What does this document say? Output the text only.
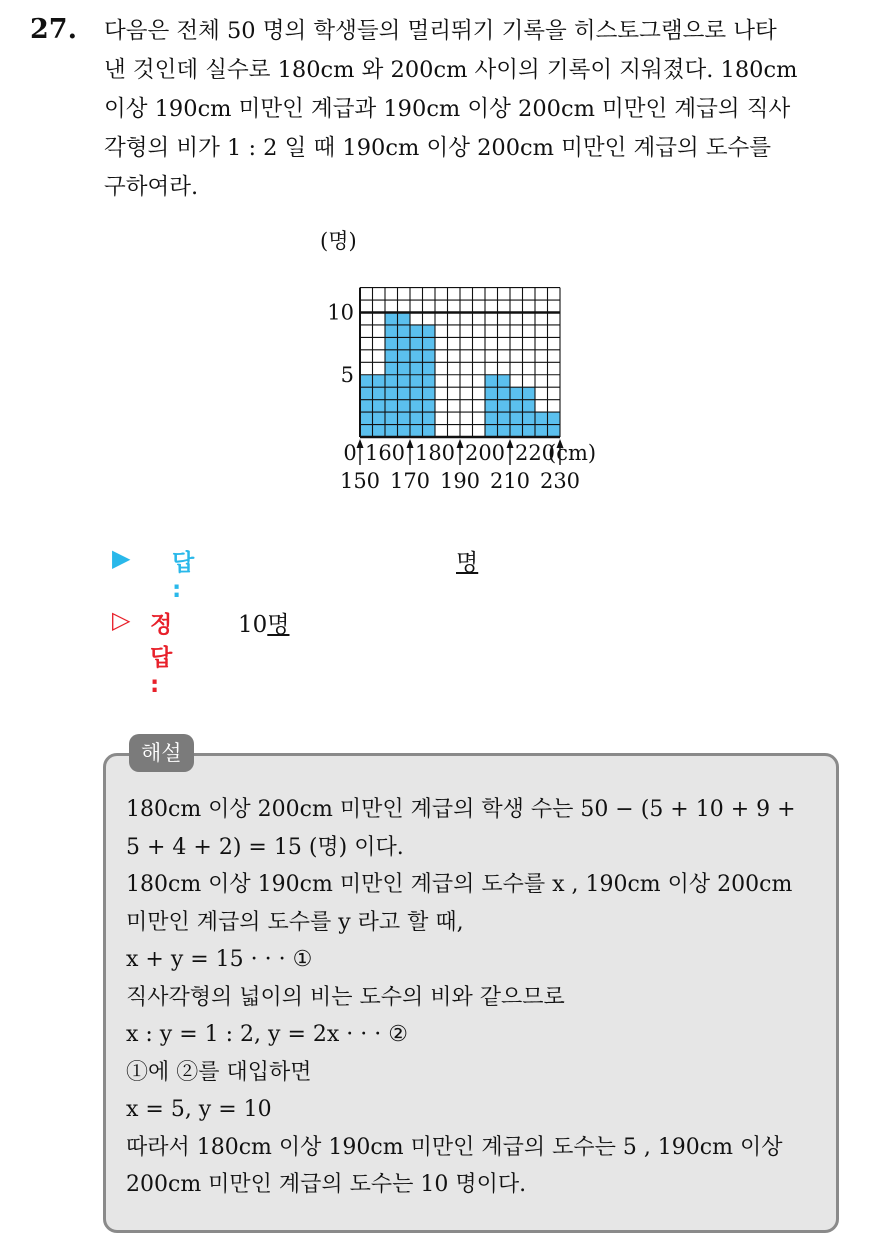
27. 다음은 전체 50 명의 학생들의 멀리뛰기 기록을 히스토그램으로 나타
낸 것인데 실수로 180cm 와 200cm 사이의 기록이 지워졌다. 180cm
이상 190cm 미만인 계급과 190cm 이상 200cm 미만인 계급의 직사
각형의 비가 1 : 2 일 때 190cm 이상 200cm 미만인 계급의 도수를
구하여라.
(명)
5
10
0 160 180 200 220
(cm)
150 170 190 210 230
▶ 답 :
명
▷ 정답 :
10명
해설
180cm 이상 200cm 미만인 계급의 학생 수는 50 − (5 + 10 + 9 +
5 + 4 + 2) = 15 (명) 이다.
180cm 이상 190cm 미만인 계급의 도수를 x , 190cm 이상 200cm
미만인 계급의 도수를 y 라고 할 때,
x + y = 15 · · · ①
직사각형의 넓이의 비는 도수의 비와 같으므로
x : y = 1 : 2, y = 2x · · · ②
①에 ②를 대입하면
x = 5, y = 10
따라서 180cm 이상 190cm 미만인 계급의 도수는 5 , 190cm 이상
200cm 미만인 계급의 도수는 10 명이다.
